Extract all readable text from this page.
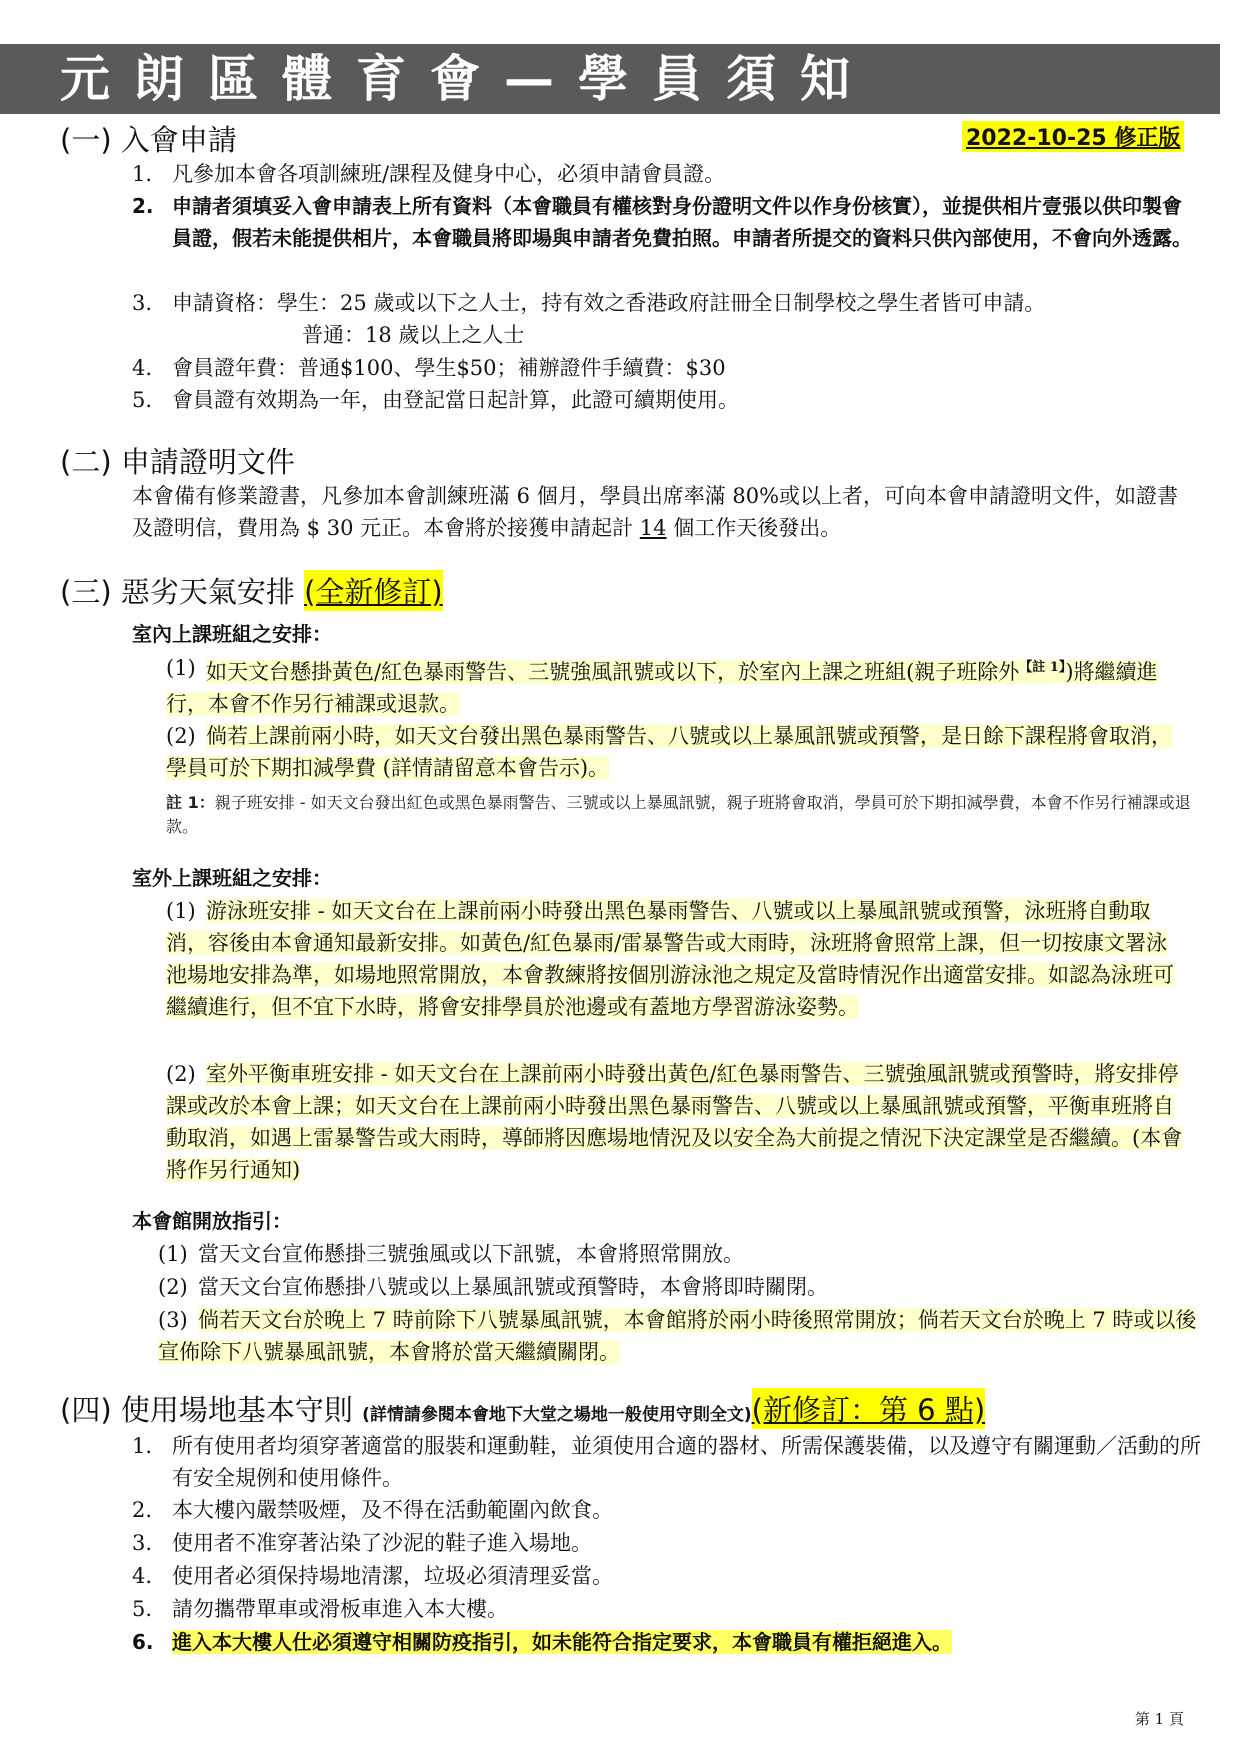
元朗區體育會—學員須知
(一) 入會申請	2022-10-25 修正版
1. 凡參加本會各項訓練班/課程及健身中心，必須申請會員證。
2. 申請者須填妥入會申請表上所有資料（本會職員有權核對身份證明文件以作身份核實），並提供相片壹張以供印製會員證，假若未能提供相片，本會職員將即場與申請者免費拍照。申請者所提交的資料只供內部使用，不會向外透露。
3. 申請資格：學生：25 歲或以下之人士，持有效之香港政府註冊全日制學校之學生者皆可申請。
普通：18 歲以上之人士
4. 會員證年費：普通$100、學生$50；補辦證件手續費：$30
5. 會員證有效期為一年，由登記當日起計算，此證可續期使用。
(二) 申請證明文件
本會備有修業證書，凡參加本會訓練班滿 6 個月，學員出席率滿 80%或以上者，可向本會申請證明文件，如證書及證明信，費用為 $ 30 元正。本會將於接獲申請起計 14 個工作天後發出。
(三) 惡劣天氣安排 (全新修訂)
室內上課班組之安排：
(1) 如天文台懸掛黃色/紅色暴雨警告、三號強風訊號或以下，於室內上課之班組(親子班除外$^{【註 1】}$)將繼續進行，本會不作另行補課或退款。
(2) 倘若上課前兩小時，如天文台發出黑色暴雨警告、八號或以上暴風訊號或預警，是日餘下課程將會取消，學員可於下期扣減學費 (詳情請留意本會告示)。
註 1：親子班安排 - 如天文台發出紅色或黑色暴雨警告、三號或以上暴風訊號，親子班將會取消，學員可於下期扣減學費，本會不作另行補課或退款。
室外上課班組之安排：
(1) 游泳班安排 - 如天文台在上課前兩小時發出黑色暴雨警告、八號或以上暴風訊號或預警，泳班將自動取消，容後由本會通知最新安排。如黃色/紅色暴雨/雷暴警告或大雨時，泳班將會照常上課，但一切按康文署泳池場地安排為準，如場地照常開放，本會教練將按個別游泳池之規定及當時情況作出適當安排。如認為泳班可繼續進行，但不宜下水時，將會安排學員於池邊或有蓋地方學習游泳姿勢。
(2) 室外平衡車班安排 - 如天文台在上課前兩小時發出黃色/紅色暴雨警告、三號強風訊號或預警時，將安排停課或改於本會上課；如天文台在上課前兩小時發出黑色暴雨警告、八號或以上暴風訊號或預警，平衡車班將自動取消，如遇上雷暴警告或大雨時，導師將因應場地情況及以安全為大前提之情況下決定課堂是否繼續。(本會將作另行通知)
本會館開放指引：
(1) 當天文台宣佈懸掛三號強風或以下訊號，本會將照常開放。
(2) 當天文台宣佈懸掛八號或以上暴風訊號或預警時，本會將即時關閉。
(3) 倘若天文台於晚上 7 時前除下八號暴風訊號，本會館將於兩小時後照常開放；倘若天文台於晚上 7 時或以後宣佈除下八號暴風訊號，本會將於當天繼續關閉。
(四) 使用場地基本守則 (詳情請參閱本會地下大堂之場地一般使用守則全文)(新修訂：第 6 點)
1. 所有使用者均須穿著適當的服裝和運動鞋，並須使用合適的器材、所需保護裝備，以及遵守有關運動／活動的所有安全規例和使用條件。
2. 本大樓內嚴禁吸煙，及不得在活動範圍內飲食。
3. 使用者不准穿著沾染了沙泥的鞋子進入場地。
4. 使用者必須保持場地清潔，垃圾必須清理妥當。
5. 請勿攜帶單車或滑板車進入本大樓。
6. 進入本大樓人仕必須遵守相關防疫指引，如未能符合指定要求，本會職員有權拒絕進入。
第 1 頁
